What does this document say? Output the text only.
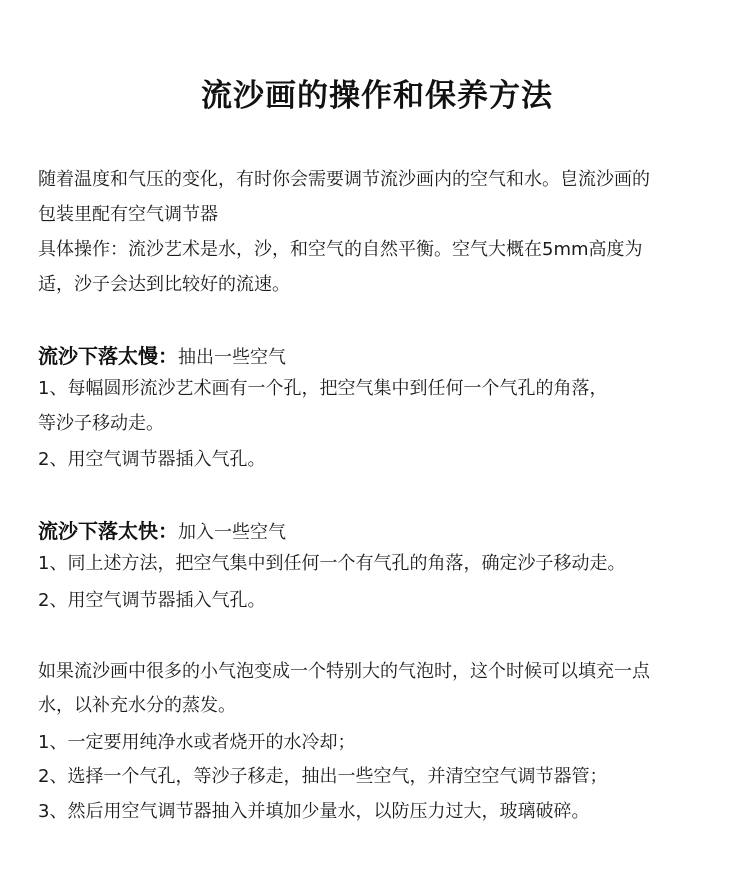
流沙画的操作和保养方法
随着温度和气压的变化，有时你会需要调节流沙画内的空气和水。皀流沙画的
包装里配有空气调节器
具体操作：流沙艺术是水，沙，和空气的自然平衡。空气大概在5mm高度为
适，沙子会达到比较好的流速。
流沙下落太慢：抽出一些空气
1、每幅圆形流沙艺术画有一个孔，把空气集中到任何一个气孔的角落，
等沙子移动走。
2、用空气调节器插入气孔。
流沙下落太快：加入一些空气
1、同上述方法，把空气集中到任何一个有气孔的角落，确定沙子移动走。
2、用空气调节器插入气孔。
如果流沙画中很多的小气泡变成一个特别大的气泡时，这个时候可以填充一点
水，以补充水分的蒸发。
1、一定要用纯净水或者烧开的水冷却；
2、选择一个气孔，等沙子移走，抽出一些空气，并清空空气调节器管；
3、然后用空气调节器抽入并填加少量水，以防压力过大，玻璃破碎。
